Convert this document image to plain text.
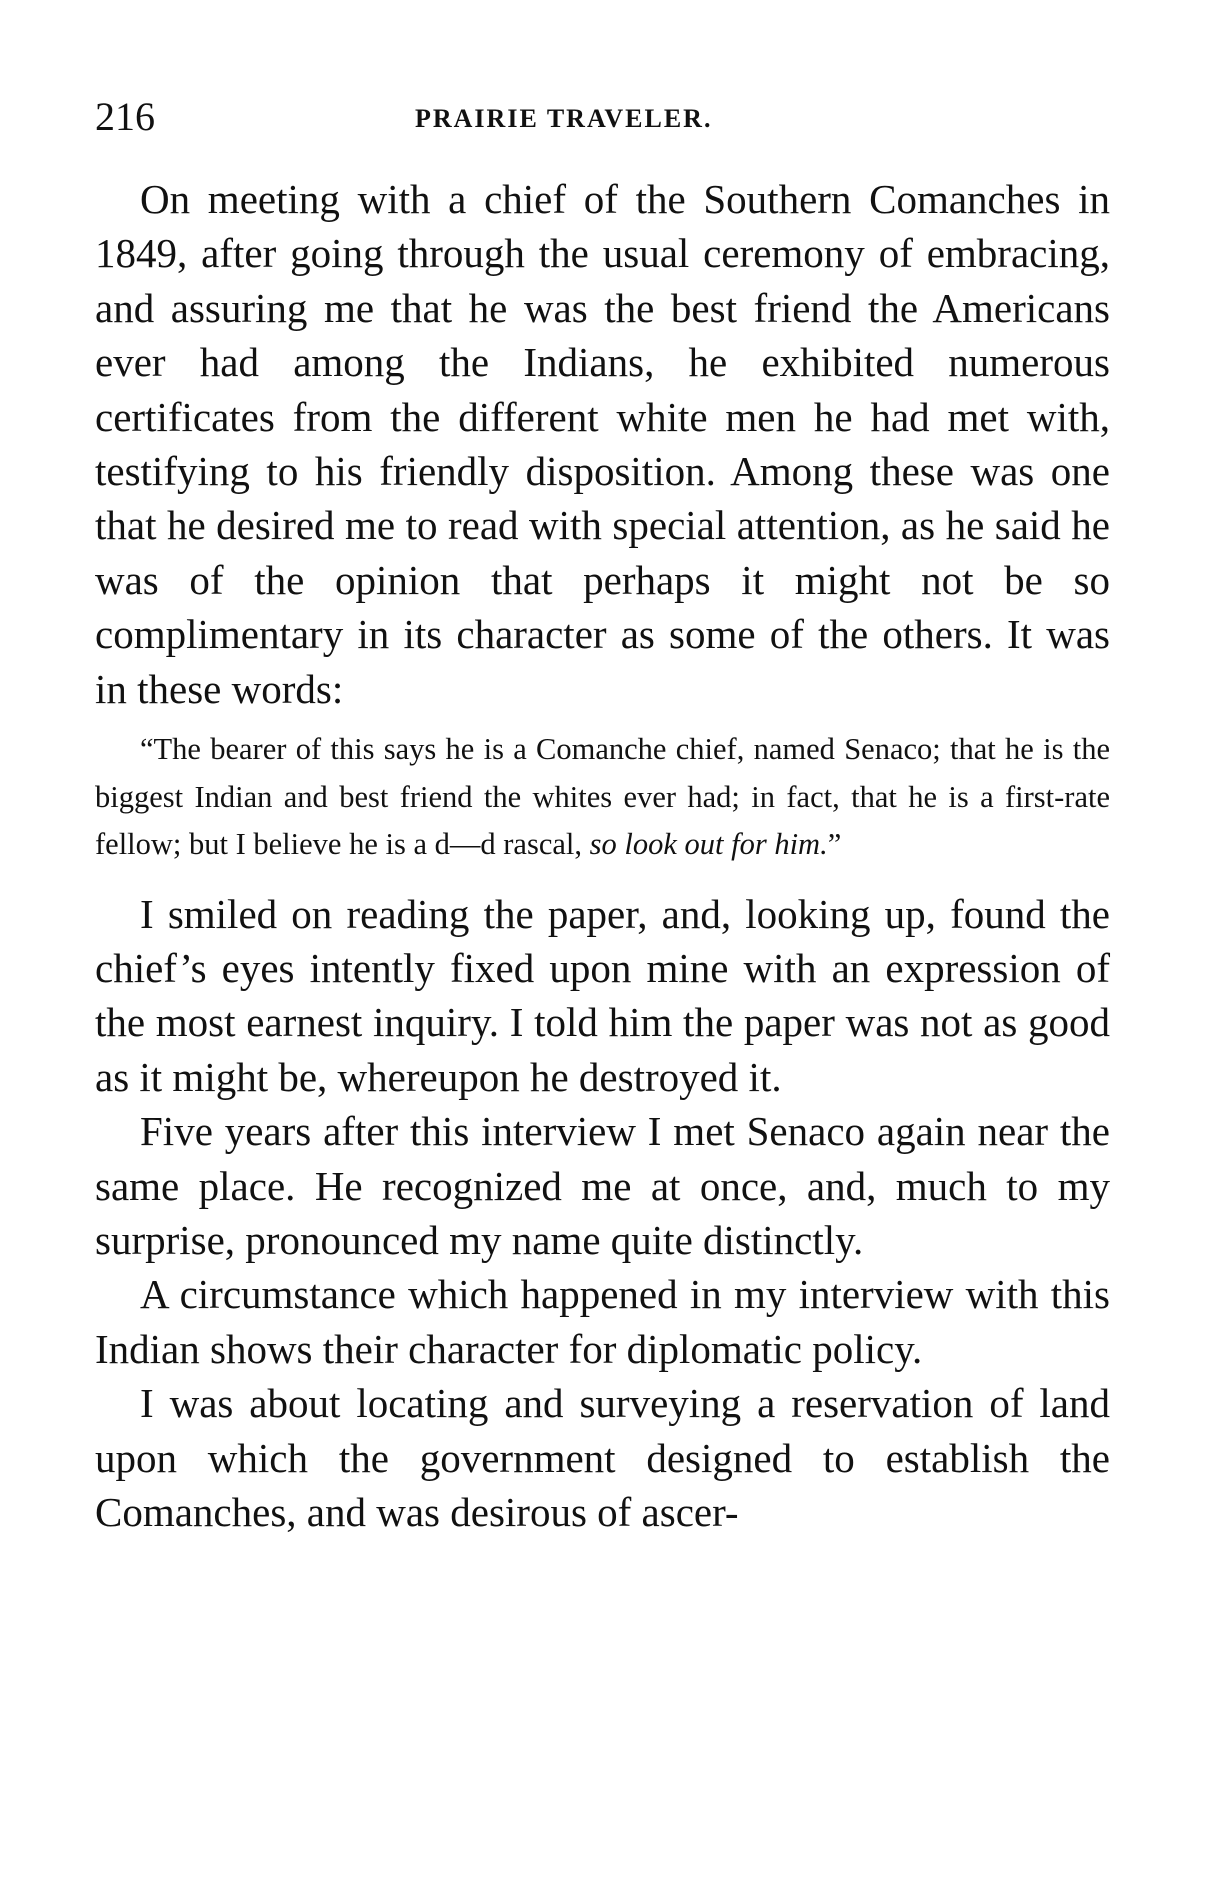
216	PRAIRIE TRAVELER.

On meeting with a chief of the Southern Comanches in 1849, after going through the usual ceremony of embracing, and assuring me that he was the best friend the Americans ever had among the Indians, he exhibited numerous certificates from the different white men he had met with, testifying to his friendly disposition. Among these was one that he desired me to read with special attention, as he said he was of the opinion that perhaps it might not be so complimentary in its character as some of the others. It was in these words:

“The bearer of this says he is a Comanche chief, named Senaco; that he is the biggest Indian and best friend the whites ever had; in fact, that he is a first-rate fellow; but I believe he is a d—d rascal, so look out for him.”

I smiled on reading the paper, and, looking up, found the chief’s eyes intently fixed upon mine with an expression of the most earnest inquiry. I told him the paper was not as good as it might be, whereupon he destroyed it.

Five years after this interview I met Senaco again near the same place. He recognized me at once, and, much to my surprise, pronounced my name quite distinctly.

A circumstance which happened in my interview with this Indian shows their character for diplomatic policy.

I was about locating and surveying a reservation of land upon which the government designed to establish the Comanches, and was desirous of ascer-
